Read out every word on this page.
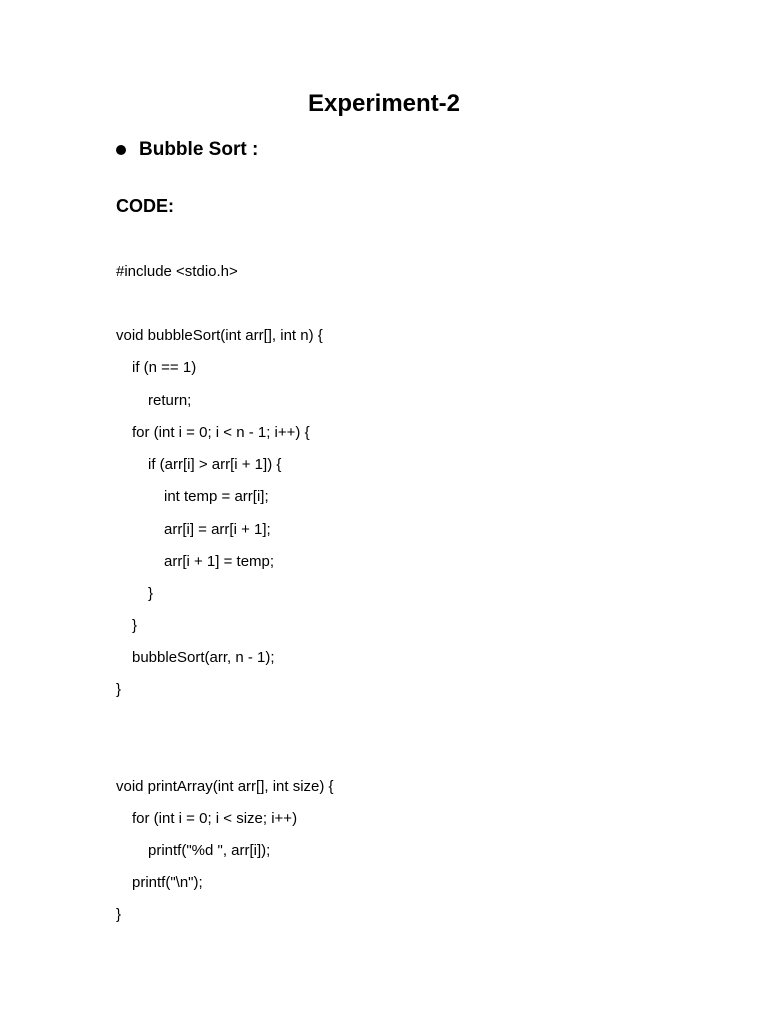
Experiment-2
Bubble Sort :
CODE:
#include <stdio.h>
void bubbleSort(int arr[], int n) {
if (n == 1)
return;
for (int i = 0; i < n - 1; i++) {
if (arr[i] > arr[i + 1]) {
int temp = arr[i];
arr[i] = arr[i + 1];
arr[i + 1] = temp;
}
}
bubbleSort(arr, n - 1);
}
void printArray(int arr[], int size) {
for (int i = 0; i < size; i++)
printf("%d ", arr[i]);
printf("\n");
}
